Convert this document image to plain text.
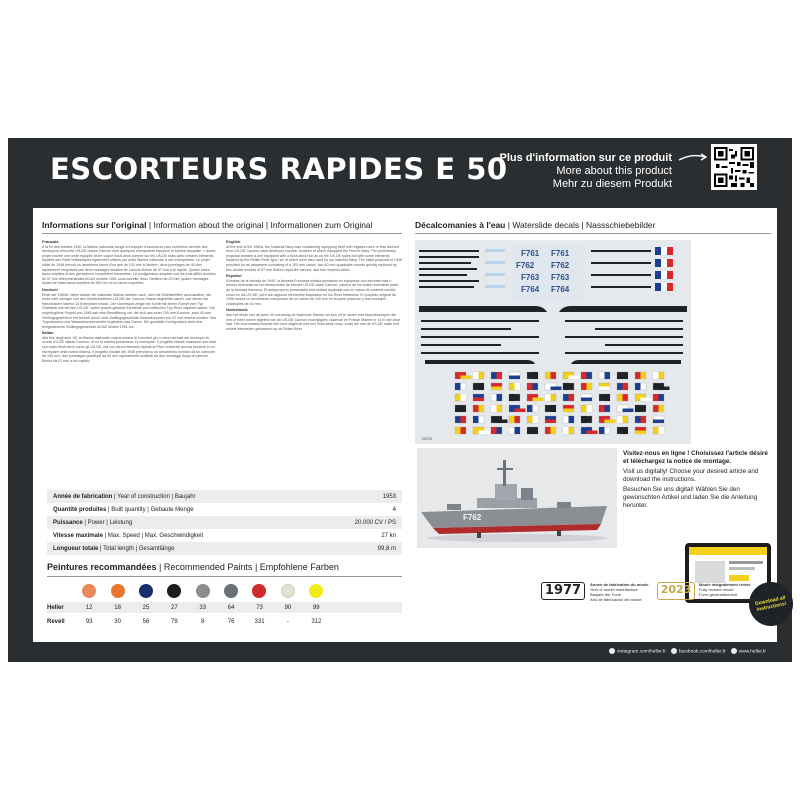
ESCORTEURS RAPIDES E 50
Plus d'information sur ce produit
More about this product
Mehr zu diesem Produkt
Informations sur l'original | Information about the original | Informationen zum Original
Français

A la fin des années 1940, la Marine nationale songe à s'équiper d'escorteurs plus nombreux dérivés des destroyers d'escorte US-DE classe Cannon dont quelques exemplaires équipent la Marine française. L'avant-projet montre une unité équipée d'une coque flush-deck comme sur les US-DE mais avec certains éléments inspirés des River britanniques également utilisés par notre Marine nationale à ces exemplaires. Le projet initial de 1948 prévoit un armement formé d'un axe de 100 mm à l'arrière, deux jumelages de 40 mm rapidement remplacés par deux montages doubles de canons Bofors de 57 mm à tir rapide. Quatre tubes lance-torpilles et des grenadeurs complètent l'ensemble. La configuration adoptée voit les trois affûts doubles de 57 mm télécommandés ACAD modèle 1951 sous tourelle, deux Oerlikon de 20 mm, quatre montages triples de tubes lance-torpilles de 550 mm et un lance-roquettes.

Deutsch

Ende der 1940er Jahre dachte die nationale Marine darüber nach, sich mit Geleitschiffen auszustatten, die mehr oder weniger von den Geleitzerstörern US-DE der Cannon-Klasse abgeleitet waren, von denen die französische Marine 14 Exemplare besaß. Der Vorentwurf zeigte ein Schiff mit einem Rumpf vom Typ Glattdeck wie bei den US-DE, wobei jedoch gewisse Elemente vom britischen Typ River inspiriert waren. Die ursprüngliche Projekt von 1948 sah eine Bewaffnung vor, die sich aus einer 100-mm-Kanone, zwei 40-mm-Vierlingsgeschütze mit schnell durch zwei Zwillingsgeschütze Boforskanonen von 57 mm ersetzt wurden. Vier Torpedorohre und Wasserbombenwerfer ergänzten das Ganze. Die gewählte Konfiguration sieht drei ferngesteuerte Zwillingsgeschütze ACAD Modell 1951 vor.

Italian

Alla fine degli anni '40, la Marina nazionale voleva dotarsi di escortori più o meno derivati dai destroyer di scorta US-DE classe Cannon, di cui la marina possedeva 14 esemplari. Il progetto iniziale mostrava una nave con scafo flush-deck come gli US-DE, ma con alcuni elementi ispirati ai River britannici ancora presenti in un esemplare nella nostra Marina. Il progetto iniziale del 1948 prevedeva un armamento formato da un cannone da 100 mm, due jumelages quadrupli da 40 mm rapidamente sostituiti da due montaggi doppi di cannoni Bofors da 57 mm a tiro rapido.

English

At the end of the 1940s, the National Navy was considering equipping itself with frigates more or less derived from US-DE Cannon class destroyer escorts, fourteen of which equipped the French Navy. The preliminary proposal showed a unit equipped with a flush-deck hull as on the US-DE types but with some elements inspired by the British River type, six of which were also used by our national Navy. The initial proposal of 1948 provided for an armament consisting of a 100 mm canon, two 40 mm quadruple mounts quickly replaced by two double mounts of 57 mm Bofors rapid-fire canons, and four torpedo tubes.

Español

A finales de la década de 1940, la Armada Francesa estaba pensando en equiparse con escoltas más o menos derivadas de los destructores de escolta US-DE clase Cannon, catorce de los cuales formaban parte de la Armada francesa. El anteproyecto presentaba una unidad equipada con un casco de cubierta corrida como en los US-DE, pero con algunos elementos inspirados en los River británicos. El proyecto original de 1948 incluía un armamento compuesto de un cañón de 100 mm en la parte posterior y dos montajes cuádruples de 40 mm.

Nederlands

Aan het einde van de jaren 40 overwoog de Nationale Marine om zich uit te rusten met escorteschepen die min of meer waren afgeleid van de US-DE Cannon escortjagers, waarvan de Franse Marine er 14 in zijn vloot had. Het voorontwerp toonde een boot uitgerust met een flush-deck romp, zoals die van de US-DE maar met enkele elementen gebaseerd op de Britse River.

Année de fabrication | Year of construction | Baujahr	1953
Quantité produites | Built quantity | Gebaute Menge	4
Puissance | Power | Leistung	20.000 CV / PS
Vitesse maximale | Max. Speed | Max. Geschwindigkeit	27 kn
Longueur totale | Total length | Gesamtlänge	99,8 m
Peintures recommandées | Recommended Paints | Empfohlene Farben
Heller	12	18	25	27	33	64	73	90	99
Revell	93	30	56	79	8	76	331	-	312
Décalcomanies à l'eau | Waterslide decals | Nassschiebebilder
F761 F761
F762 F762
F763 F763
F764 F764
78233
F762
Visitez-nous en ligne ! Choisissez l'article désiré et téléchargez la notice de montage.
Visit us digitally! Choose your desired article and download the instructions.
Besuchen Sie uns digital! Wählen Sie den gewünschten Artikel und laden Sie die Anleitung herunter.
Download all instructions!
1977	Année de fabrication du moule
Year of mould manufacture
Baujahr der Form
Año de fabricación del molde
2023	Moule intégralement révisé
Fully revised mould
Form generalüberholt
Molde completamente revisado
instagram.com/heller.fr	facebook.com/heller.fr	www.heller.fr
